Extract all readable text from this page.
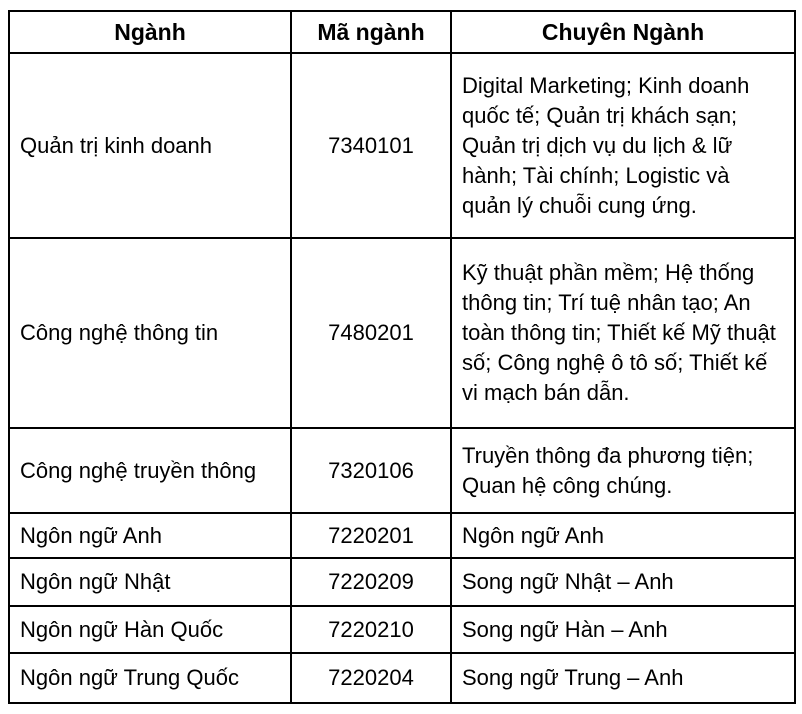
Ngành	Mã ngành	Chuyên Ngành
Quản trị kinh doanh	7340101	Digital Marketing; Kinh doanh quốc tế; Quản trị khách sạn; Quản trị dịch vụ du lịch & lữ hành; Tài chính; Logistic và quản lý chuỗi cung ứng.
Công nghệ thông tin	7480201	Kỹ thuật phần mềm; Hệ thống thông tin; Trí tuệ nhân tạo; An toàn thông tin; Thiết kế Mỹ thuật số; Công nghệ ô tô số; Thiết kế vi mạch bán dẫn.
Công nghệ truyền thông	7320106	Truyền thông đa phương tiện; Quan hệ công chúng.
Ngôn ngữ Anh	7220201	Ngôn ngữ Anh
Ngôn ngữ Nhật	7220209	Song ngữ Nhật – Anh
Ngôn ngữ Hàn Quốc	7220210	Song ngữ Hàn – Anh
Ngôn ngữ Trung Quốc	7220204	Song ngữ Trung – Anh
